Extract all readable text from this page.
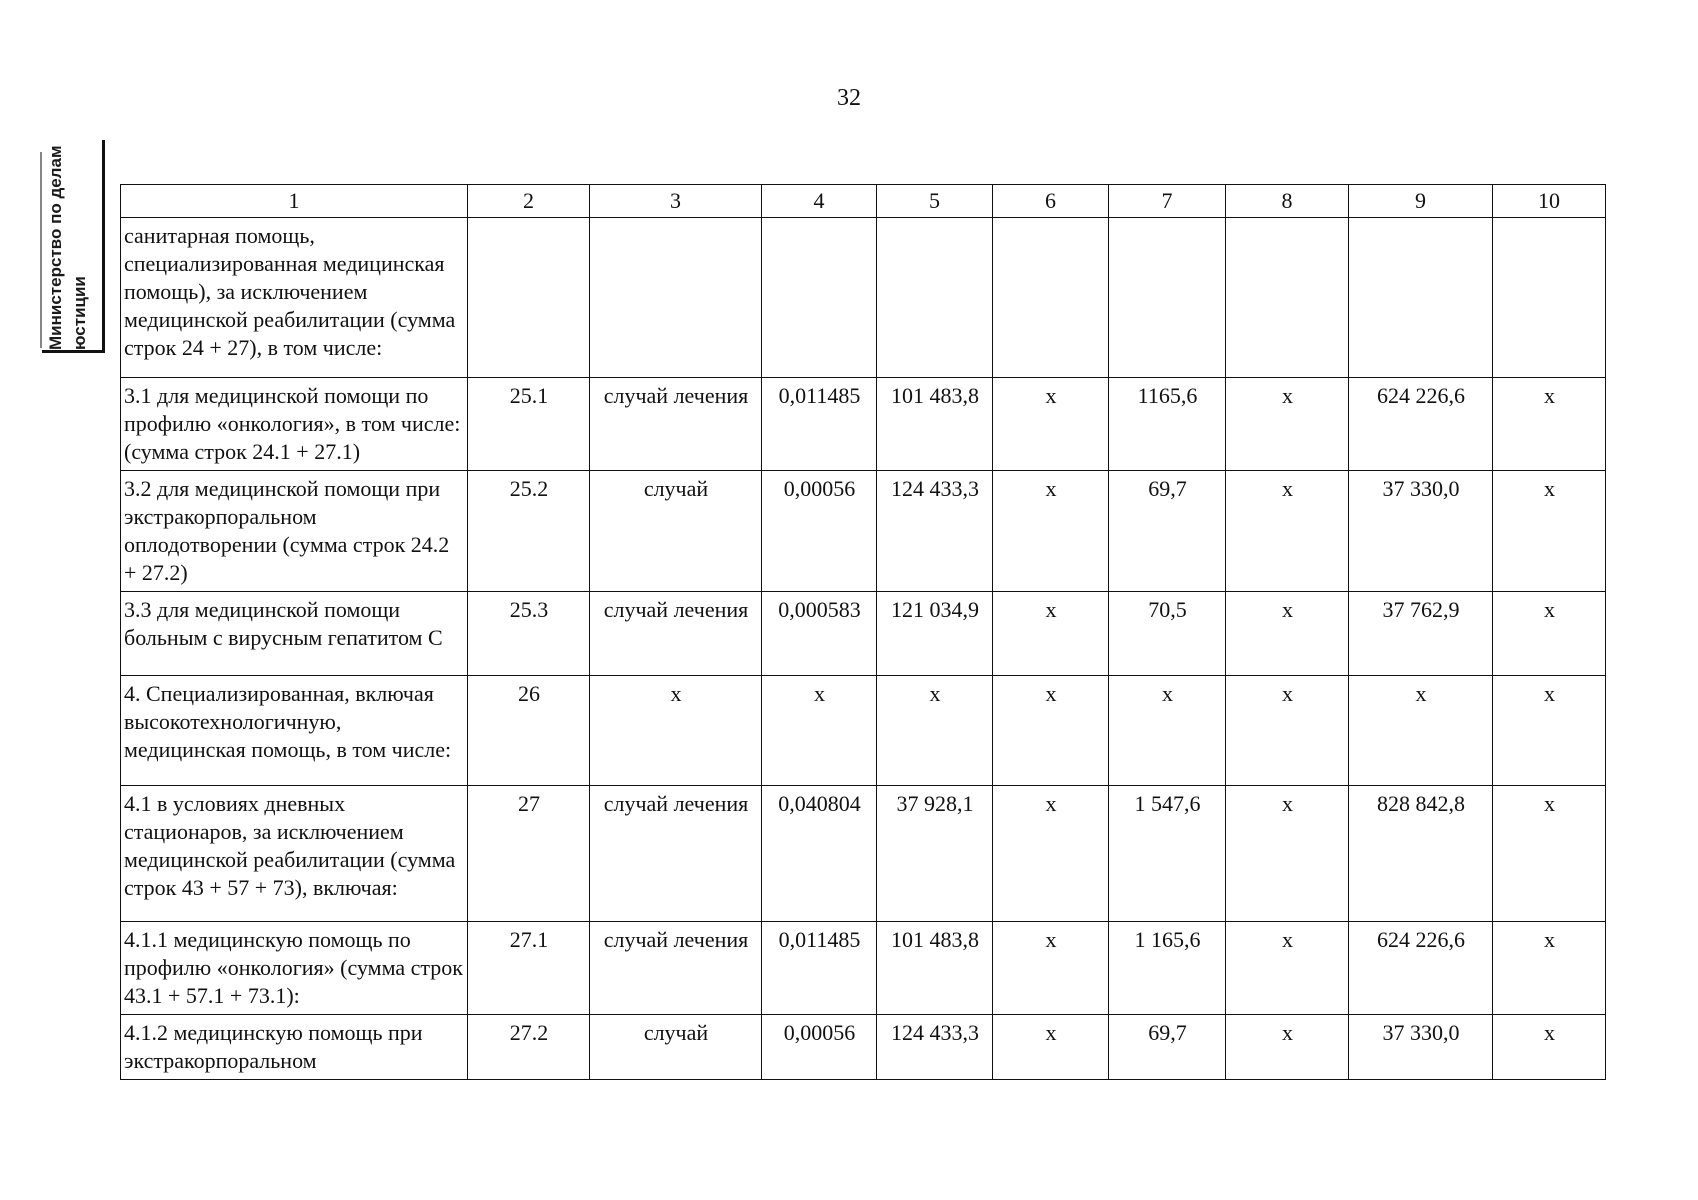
32
Министерство по делам юстиции
1	2	3	4	5	6	7	8	9	10
санитарная помощь, специализированная медицинская помощь), за исключением медицинской реабилитации (сумма строк 24 + 27), в том числе:									
3.1 для медицинской помощи по профилю «онкология», в том числе: (сумма строк 24.1 + 27.1)	25.1	случай лечения	0,011485	101 483,8	х	1165,6	х	624 226,6	х
3.2 для медицинской помощи при экстракорпоральном оплодотворении (сумма строк 24.2 + 27.2)	25.2	случай	0,00056	124 433,3	х	69,7	х	37 330,0	х
3.3 для медицинской помощи больным с вирусным гепатитом С	25.3	случай лечения	0,000583	121 034,9	х	70,5	х	37 762,9	х
4. Специализированная, включая высокотехнологичную, медицинская помощь, в том числе:	26	х	х	х	х	х	х	х	х
4.1 в условиях дневных стационаров, за исключением медицинской реабилитации (сумма строк 43 + 57 + 73), включая:	27	случай лечения	0,040804	37 928,1	х	1 547,6	х	828 842,8	х
4.1.1 медицинскую помощь по профилю «онкология» (сумма строк 43.1 + 57.1 + 73.1):	27.1	случай лечения	0,011485	101 483,8	х	1 165,6	х	624 226,6	х
4.1.2 медицинскую помощь при экстракорпоральном	27.2	случай	0,00056	124 433,3	х	69,7	х	37 330,0	х
